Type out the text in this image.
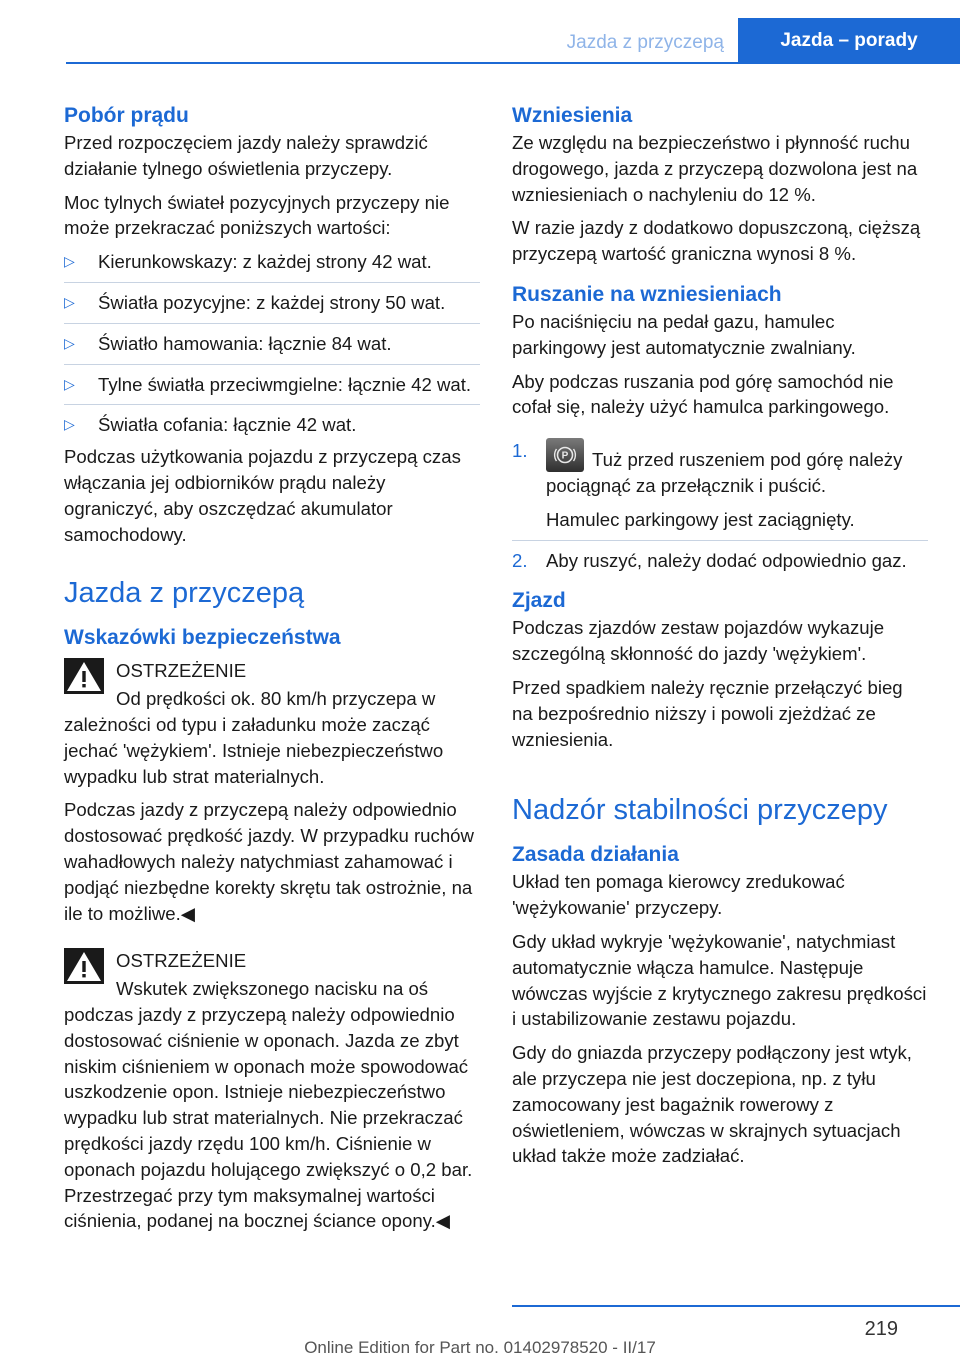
Jazda z przyczepą	Jazda – porady
Pobór prądu

Przed rozpoczęciem jazdy należy sprawdzić działanie tylnego oświetlenia przyczepy.

Moc tylnych świateł pozycyjnych przyczepy nie może przekraczać poniższych wartości:

▷ Kierunkowskazy: z każdej strony 42 wat.
▷ Światła pozycyjne: z każdej strony 50 wat.
▷ Światło hamowania: łącznie 84 wat.
▷ Tylne światła przeciwmgielne: łącznie 42 wat.
▷ Światła cofania: łącznie 42 wat.

Podczas użytkowania pojazdu z przyczepą czas włączania jej odbiorników prądu należy ograniczyć, aby oszczędzać akumulator samochodowy.

Jazda z przyczepą
Wskazówki bezpieczeństwa

OSTRZEŻENIE

Od prędkości ok. 80 km/h przyczepa w zależności od typu i załadunku może zacząć jechać 'wężykiem'. Istnieje niebezpieczeństwo wypadku lub strat materialnych.

Podczas jazdy z przyczepą należy odpowiednio dostosować prędkość jazdy. W przypadku ruchów wahadłowych należy natychmiast zahamować i podjąć niezbędne korekty skrętu tak ostrożnie, na ile to możliwe.◀

OSTRZEŻENIE

Wskutek zwiększonego nacisku na oś podczas jazdy z przyczepą należy odpowiednio dostosować ciśnienie w oponach. Jazda ze zbyt niskim ciśnieniem w oponach może spowodować uszkodzenie opon. Istnieje niebezpieczeństwo wypadku lub strat materialnych. Nie przekraczać prędkości jazdy rzędu 100 km/h. Ciśnienie w oponach pojazdu holującego zwiększyć o 0,2 bar. Przestrzegać przy tym maksymalnej wartości ciśnienia, podanej na bocznej ściance opony.◀

Wzniesienia

Ze względu na bezpieczeństwo i płynność ruchu drogowego, jazda z przyczepą dozwolona jest na wzniesieniach o nachyleniu do 12 %.

W razie jazdy z dodatkowo dopuszczoną, cięższą przyczepą wartość graniczna wynosi 8 %.

Ruszanie na wzniesieniach

Po naciśnięciu na pedał gazu, hamulec parkingowy jest automatycznie zwalniany.

Aby podczas ruszania pod górę samochód nie cofał się, należy użyć hamulca parkingowego.

1.	P Tuż przed ruszeniem pod górę należy pociągnąć za przełącznik i puścić.

Hamulec parkingowy jest zaciągnięty.

2. Aby ruszyć, należy dodać odpowiednio gaz.
Zjazd

Podczas zjazdów zestaw pojazdów wykazuje szczególną skłonność do jazdy 'wężykiem'.

Przed spadkiem należy ręcznie przełączyć bieg na bezpośrednio niższy i powoli zjeżdżać ze wzniesienia.

Nadzór stabilności przyczepy
Zasada działania

Układ ten pomaga kierowcy zredukować 'wężykowanie' przyczepy.

Gdy układ wykryje 'wężykowanie', natychmiast automatycznie włącza hamulce. Następuje wówczas wyjście z krytycznego zakresu prędkości i ustabilizowanie zestawu pojazdu.

Gdy do gniazda przyczepy podłączony jest wtyk, ale przyczepa nie jest doczepiona, np. z tyłu zamocowany jest bagażnik rowerowy z oświetleniem, wówczas w skrajnych sytuacjach układ także może zadziałać.

219
Online Edition for Part no. 01402978520 - II/17
